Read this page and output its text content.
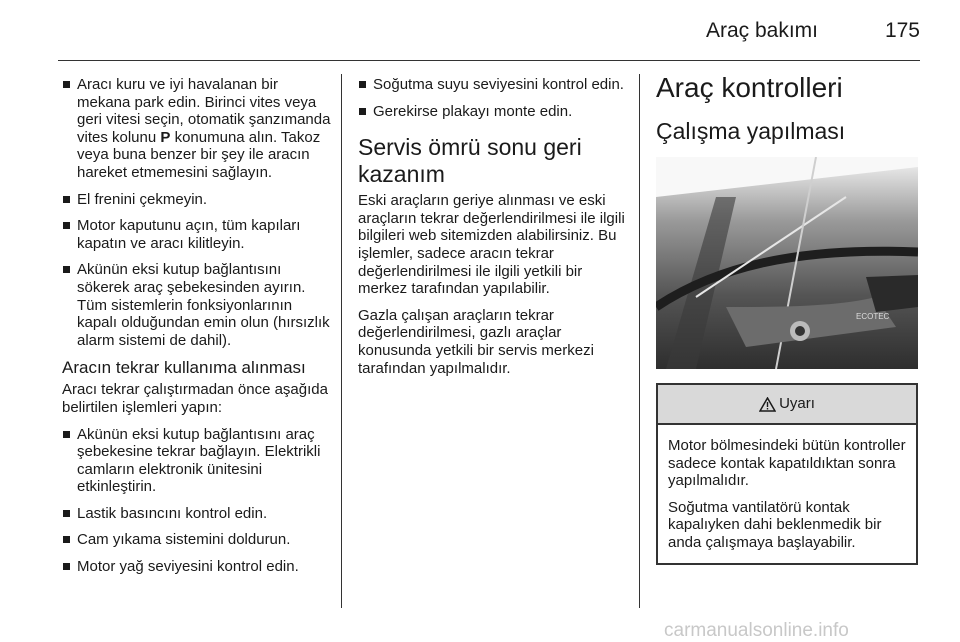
Araç bakımı	175
Aracı kuru ve iyi havalanan bir mekana park edin. Birinci vites veya geri vitesi seçin, otomatik şanzımanda vites kolunu P konumuna alın. Takoz veya buna benzer bir şey ile aracın hareket etmemesini sağlayın.
El frenini çekmeyin.
Motor kaputunu açın, tüm kapıları kapatın ve aracı kilitleyin.
Akünün eksi kutup bağlantısını sökerek araç şebekesinden ayırın. Tüm sistemlerin fonksiyonlarının kapalı olduğundan emin olun (hırsızlık alarm sistemi de dahil).
Aracın tekrar kullanıma alınması

Aracı tekrar çalıştırmadan önce aşağıda belirtilen işlemleri yapın:

Akünün eksi kutup bağlantısını araç şebekesine tekrar bağlayın. Elektrikli camların elektronik ünitesini etkinleştirin.
Lastik basıncını kontrol edin.
Cam yıkama sistemini doldurun.
Motor yağ seviyesini kontrol edin.
Soğutma suyu seviyesini kontrol edin.
Gerekirse plakayı monte edin.
Servis ömrü sonu geri kazanım

Eski araçların geriye alınması ve eski araçların tekrar değerlendirilmesi ile ilgili bilgileri web sitemizden alabilirsiniz. Bu işlemler, sadece aracın tekrar değerlendirilmesi ile ilgili yetkili bir merkez tarafından yapılabilir.

Gazla çalışan araçların tekrar değerlendirilmesi, gazlı araçlar konusunda yetkili bir servis merkezi tarafından yapılmalıdır.

Araç kontrolleri
Çalışma yapılması
ECOTEC
Uyarı

Motor bölmesindeki bütün kontroller sadece kontak kapatıldıktan sonra yapılmalıdır.

Soğutma vantilatörü kontak kapalıyken dahi beklenmedik bir anda çalışmaya başlayabilir.

carmanualsonline.info
